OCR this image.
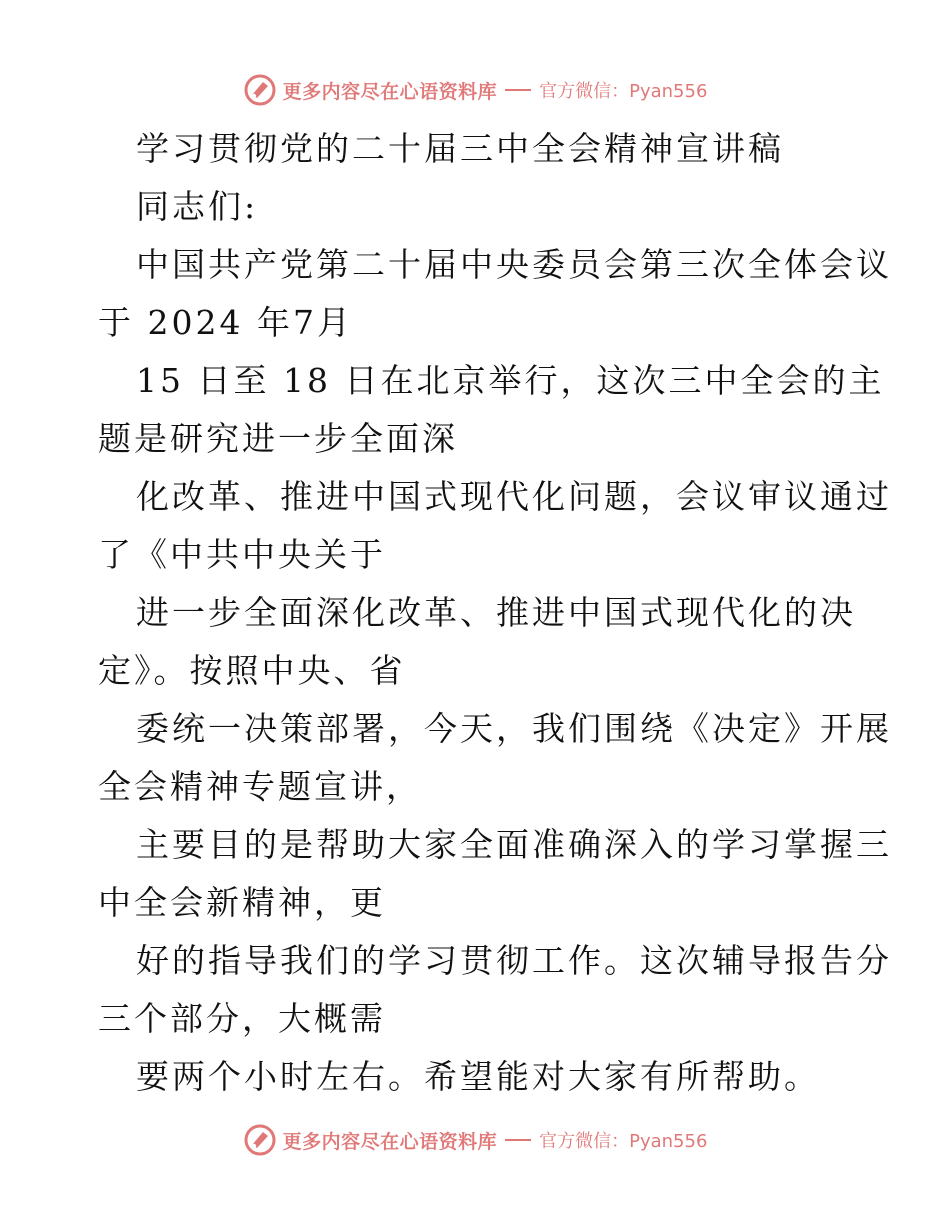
更多内容尽在心语资料库 官方微信：Pyan556

学习贯彻党的二十届三中全会精神宣讲稿

同志们:

中国共产党第二十届中央委员会第三次全体会议

于 2024 年7月

15 日至 18 日在北京举行，这次三中全会的主

题是研究进一步全面深

化改革、推进中国式现代化问题，会议审议通过

了《中共中央关于

进一步全面深化改革、推进中国式现代化的决

定》。按照中央、省

委统一决策部署，今天，我们围绕《决定》开展

全会精神专题宣讲，

主要目的是帮助大家全面准确深入的学习掌握三

中全会新精神，更

好的指导我们的学习贯彻工作。这次辅导报告分

三个部分，大概需

要两个小时左右。希望能对大家有所帮助。

更多内容尽在心语资料库 官方微信：Pyan556
